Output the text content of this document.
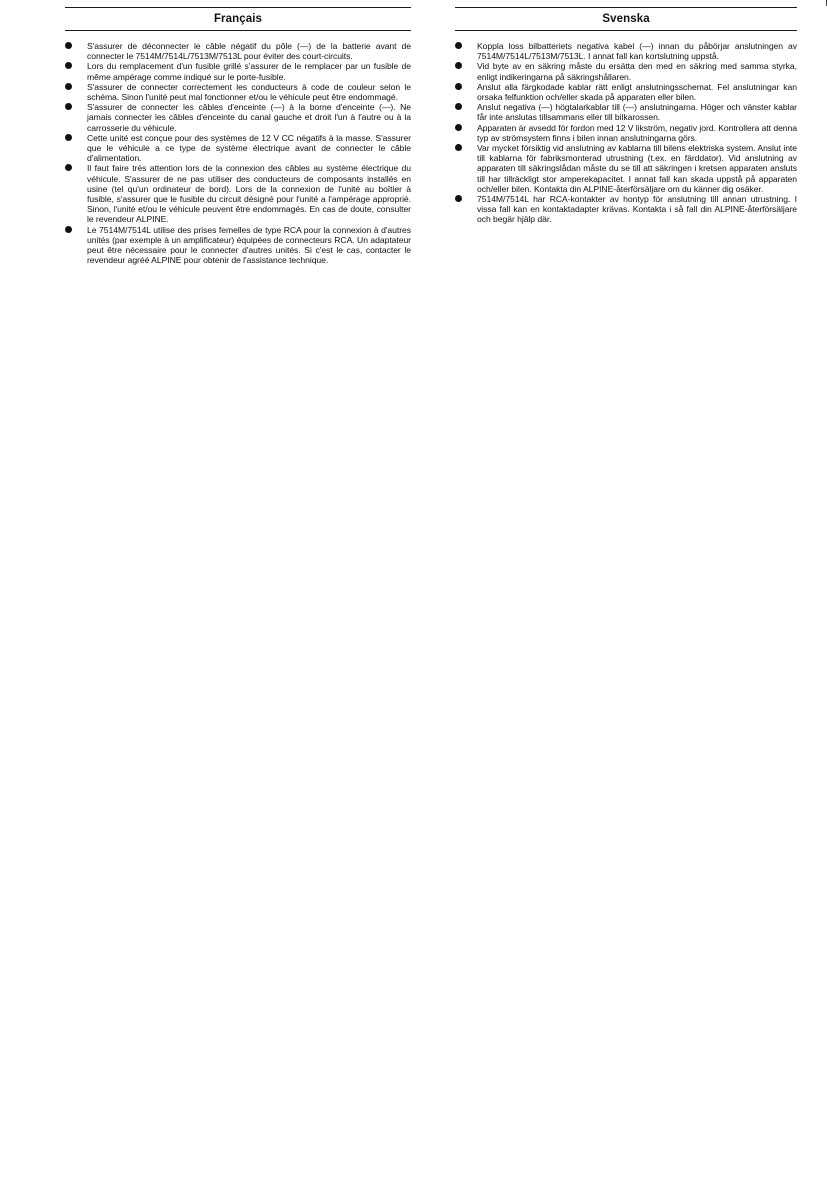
Français
S'assurer de déconnecter le câble négatif du pôle (—) de la batterie avant de connecter le 7514M/7514L/7513M/7513L pour éviter des court-circuits.
Lors du remplacement d'un fusible grillé s'assurer de le remplacer par un fusible de même ampérage comme indiqué sur le porte-fusible.
S'assurer de connecter correctement les conducteurs à code de couleur selon le schéma. Sinon l'unité peut mal fonctionner et/ou le véhicule peut être endommagé.
S'assurer de connecter les câbles d'enceinte (—) à la borne d'enceinte (—). Ne jamais connecter les câbles d'enceinte du canal gauche et droit l'un à l'autre ou à la carrosserie du véhicule.
Cette unité est conçue pour des systèmes de 12 V CC négatifs à la masse. S'assurer que le véhicule a ce type de système électrique avant de connecter le câble d'alimentation.
Il faut faire très attention lors de la connexion des câbles au système électrique du véhicule. S'assurer de ne pas utiliser des conducteurs de composants installés en usine (tel qu'un ordinateur de bord). Lors de la connexion de l'unité au boîtier à fusible, s'assurer que le fusible du circuit désigné pour l'unité a l'ampérage approprié. Sinon, l'unité et/ou le véhicule peuvent être endommagés. En cas de doute, consulter le revendeur ALPINE.
Le 7514M/7514L utilise des prises femelles de type RCA pour la connexion à d'autres unités (par exemple à un amplificateur) équipées de connecteurs RCA. Un adaptateur peut être nécessaire pour le connecter d'autres unités. Si c'est le cas, contacter le revendeur agréé ALPINE pour obtenir de l'assistance technique.
Svenska
Koppla loss bilbatteriets negativa kabel (—) innan du påbörjar anslutningen av 7514M/7514L/7513M/7513L. I annat fall kan kortslutning uppstå.
Vid byte av en säkring måste du ersätta den med en säkring med samma styrka, enligt indikeringarna på säkringshållaren.
Anslut alla färgkodade kablar rätt enligt anslutningsschemat. Fel anslutningar kan orsaka felfunktion och/eller skada på apparaten eller bilen.
Anslut negativa (—) högtalarkablar till (—) anslutningarna. Höger och vänster kablar får inte anslutas tillsammans eller till bilkarossen.
Apparaten är avsedd för fordon med 12 V likström, negativ jord. Kontrollera att denna typ av strömsystem finns i bilen innan anslutningarna görs.
Var mycket försiktig vid anslutning av kablarna till bilens elektriska system. Anslut inte till kablarna för fabriksmonterad utrustning (t.ex. en färddator). Vid anslutning av apparaten till säkringslådan måste du se till att säkringen i kretsen apparaten ansluts till har tillräckligt stor amperekapacitet. I annat fall kan skada uppstå på apparaten och/eller bilen. Kontakta din ALPINE-återförsäljare om du känner dig osäker.
7514M/7514L har RCA-kontakter av hontyp för anslutning till annan utrustning. I vissa fall kan en kontaktadapter krävas. Kontakta i så fall din ALPINE-återförsäljare och begär hjälp där.
